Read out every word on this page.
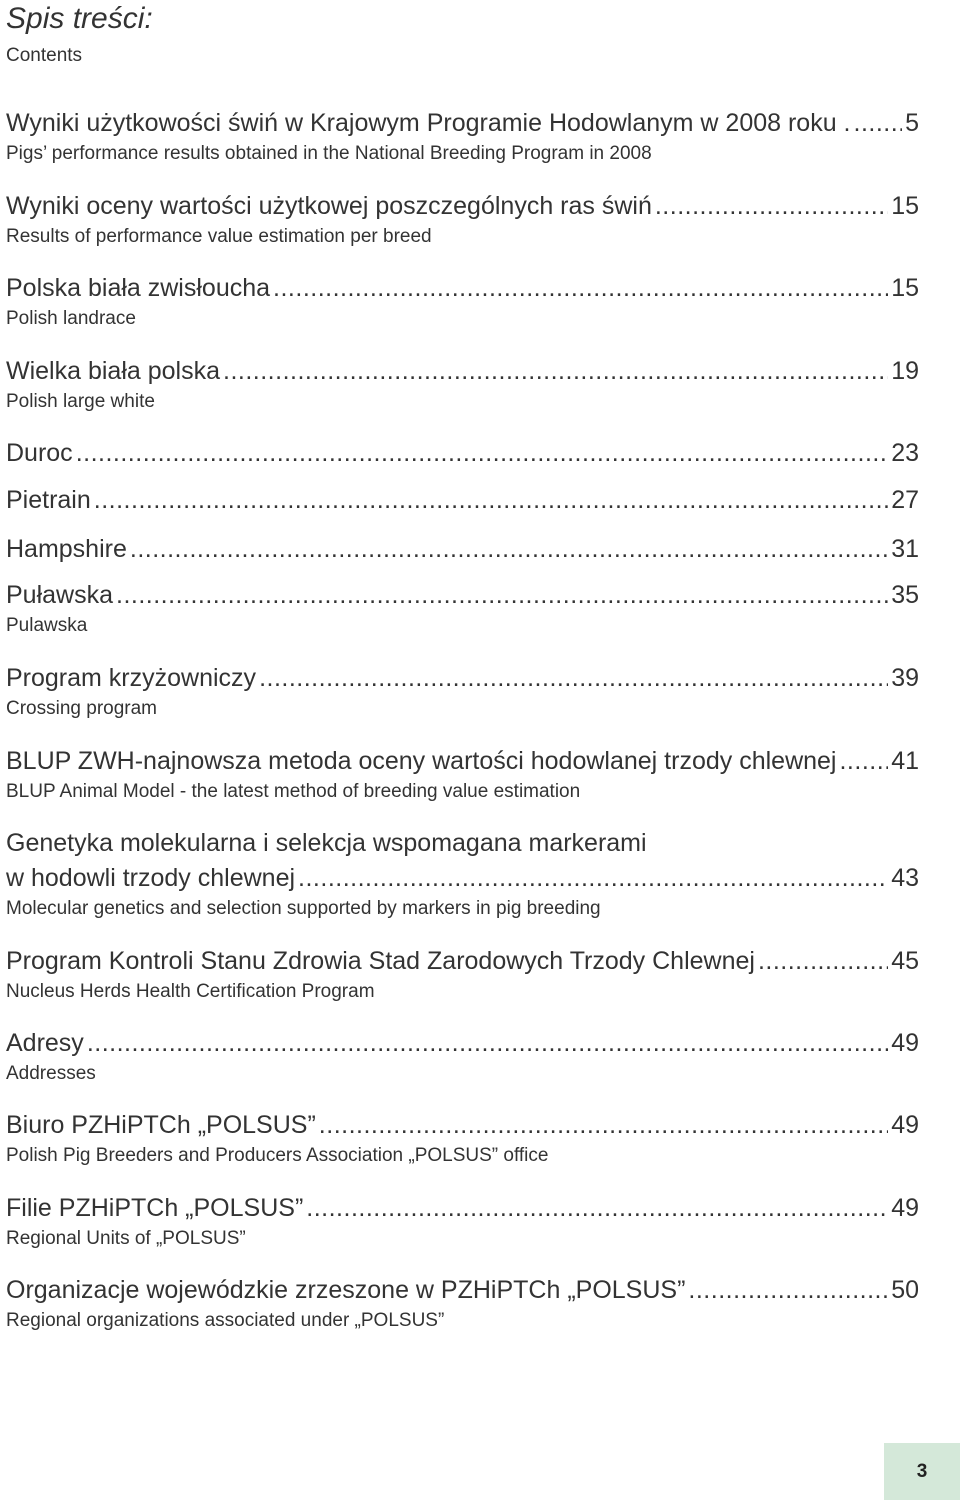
Spis treści:
Contents
Wyniki użytkowości świń w Krajowym Programie Hodowlanym w 2008 roku . ..... 5
Pigs’ performance results obtained in the National Breeding Program in 2008
Wyniki oceny wartości użytkowej poszczególnych ras świń .....	15
Results of performance value estimation per breed
Polska biała zwisłoucha .....	15
Polish landrace
Wielka biała polska .....	19
Polish large white
Duroc .....	23
Pietrain .....	27
Hampshire .....	31
Puławska .....	35
Pulawska
Program krzyżowniczy .....	39
Crossing program
BLUP ZWH-najnowsza metoda oceny wartości hodowlanej trzody chlewnej ..... 41
BLUP Animal Model - the latest method of breeding value estimation
Genetyka molekularna i selekcja wspomagana markerami
w hodowli trzody chlewnej .....	43
Molecular genetics and selection supported by markers in pig breeding
Program Kontroli Stanu Zdrowia Stad Zarodowych Trzody Chlewnej .....	45
Nucleus Herds Health Certification Program
Adresy .....	49
Addresses
Biuro PZHiPTCh „POLSUS” .....	49
Polish Pig Breeders and Producers Association „POLSUS” office
Filie PZHiPTCh „POLSUS” .....	49
Regional Units of „POLSUS”
Organizacje wojewódzkie zrzeszone w PZHiPTCh „POLSUS” .....	50
Regional organizations associated under „POLSUS”
3
